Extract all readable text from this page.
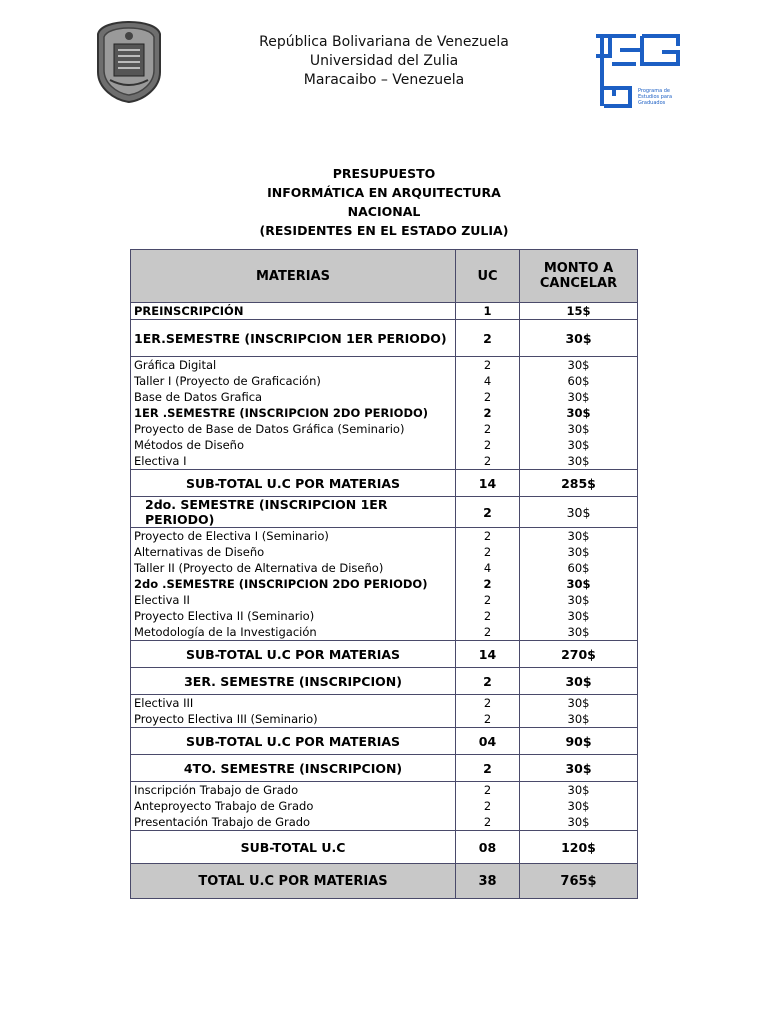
República Bolivariana de Venezuela
Universidad del Zulia
Maracaibo – Venezuela
Programa de
Estudios para
Graduados
PRESUPUESTO
INFORMÁTICA EN ARQUITECTURA
NACIONAL
(RESIDENTES EN EL ESTADO ZULIA)
MATERIAS	UC	MONTO A CANCELAR
PREINSCRIPCIÓN	1	15$
1ER.SEMESTRE (INSCRIPCION 1ER PERIODO)	2	30$
Gráfica Digital	2	30$
Taller I (Proyecto de Graficación)	4	60$
Base de Datos Grafica	2	30$
1ER .SEMESTRE (INSCRIPCION 2DO PERIODO)	2	30$
Proyecto de Base de Datos Gráfica (Seminario)	2	30$
Métodos de Diseño	2	30$
Electiva I	2	30$
SUB-TOTAL U.C POR MATERIAS	14	285$
2do. SEMESTRE (INSCRIPCION 1ER PERIODO)	2	30$
Proyecto de Electiva I (Seminario)	2	30$
Alternativas de Diseño	2	30$
Taller II (Proyecto de Alternativa de Diseño)	4	60$
2do .SEMESTRE (INSCRIPCION 2DO PERIODO)	2	30$
Electiva II	2	30$
Proyecto Electiva II (Seminario)	2	30$
Metodología de la Investigación	2	30$
SUB-TOTAL U.C POR MATERIAS	14	270$
3ER. SEMESTRE (INSCRIPCION)	2	30$
Electiva III	2	30$
Proyecto Electiva III (Seminario)	2	30$
SUB-TOTAL U.C POR MATERIAS	04	90$
4TO. SEMESTRE (INSCRIPCION)	2	30$
Inscripción Trabajo de Grado	2	30$
Anteproyecto Trabajo de Grado	2	30$
Presentación Trabajo de Grado	2	30$
SUB-TOTAL U.C	08	120$
TOTAL U.C POR MATERIAS	38	765$
